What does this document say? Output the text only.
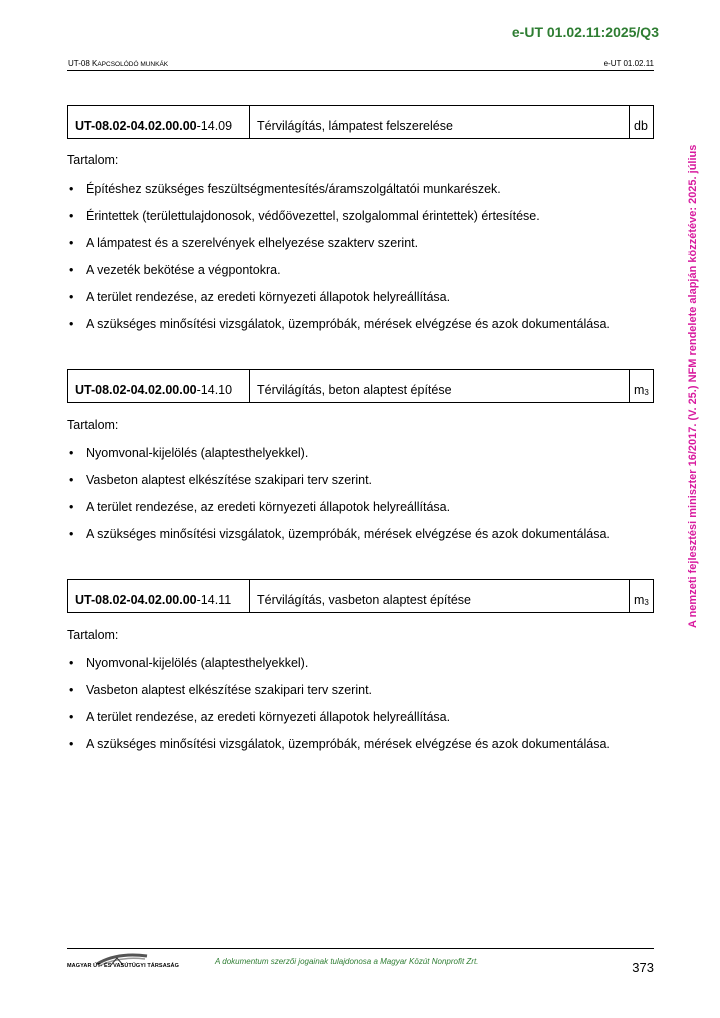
e-UT 01.02.11:2025/Q3
UT-08 KAPCSOLÓDÓ MUNKÁK	e-UT 01.02.11
A nemzeti fejlesztési miniszter 16/2017. (V. 25.) NFM rendelete alapján közzétéve: 2025. július
UT-08.02-04.02.00.00 -14.09	Térvilágítás, lámpatest felszerelése	db
Tartalom:
• Építéshez szükséges feszültségmentesítés/áramszolgáltatói munkarészek.
• Érintettek (területtulajdonosok, védőövezettel, szolgalommal érintettek) értesítése.
• A lámpatest és a szerelvények elhelyezése szakterv szerint.
• A vezeték bekötése a végpontokra.
• A terület rendezése, az eredeti környezeti állapotok helyreállítása.
• A szükséges minősítési vizsgálatok, üzempróbák, mérések elvégzése és azok dokumentálása.
UT-08.02-04.02.00.00 -14.10	Térvilágítás, beton alaptest építése	$m_3$
Tartalom:
• Nyomvonal-kijelölés (alaptesthelyekkel).
• Vasbeton alaptest elkészítése szakipari terv szerint.
• A terület rendezése, az eredeti környezeti állapotok helyreállítása.
• A szükséges minősítési vizsgálatok, üzempróbák, mérések elvégzése és azok dokumentálása.
UT-08.02-04.02.00.00 -14.11	Térvilágítás, vasbeton alaptest építése	$m_3$
Tartalom:
• Nyomvonal-kijelölés (alaptesthelyekkel).
• Vasbeton alaptest elkészítése szakipari terv szerint.
• A terület rendezése, az eredeti környezeti állapotok helyreállítása.
• A szükséges minősítési vizsgálatok, üzempróbák, mérések elvégzése és azok dokumentálása.
MAGYAR ÚT- ÉS VASÚTÜGYI TÁRSASÁG	A dokumentum szerzői jogainak tulajdonosa a Magyar Közút Nonprofit Zrt.	373
